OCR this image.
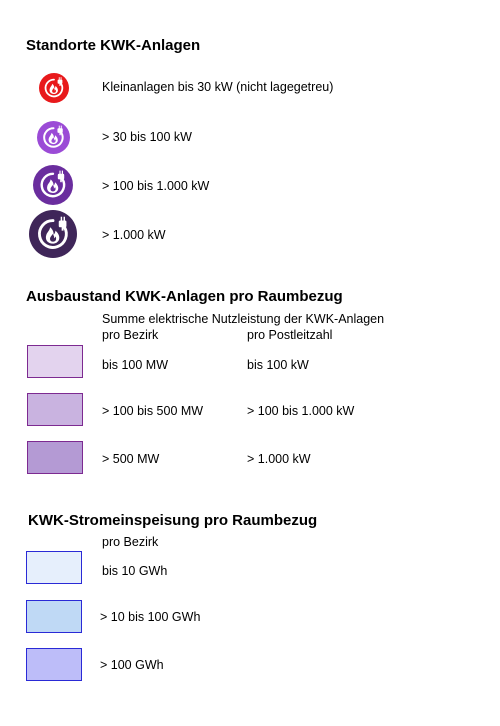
Standorte KWK-Anlagen
Kleinanlagen bis 30 kW (nicht lagegetreu)
> 30 bis 100 kW
> 100 bis 1.000 kW
> 1.000 kW
Ausbaustand KWK-Anlagen pro Raumbezug
Summe elektrische Nutzleistung der KWK-Anlagen
pro Bezirk	pro Postleitzahl
bis 100 MW	bis 100 kW
> 100 bis 500 MW	> 100 bis 1.000 kW
> 500 MW	> 1.000 kW
KWK-Stromeinspeisung pro Raumbezug
pro Bezirk
bis 10 GWh
> 10 bis 100 GWh
> 100 GWh
